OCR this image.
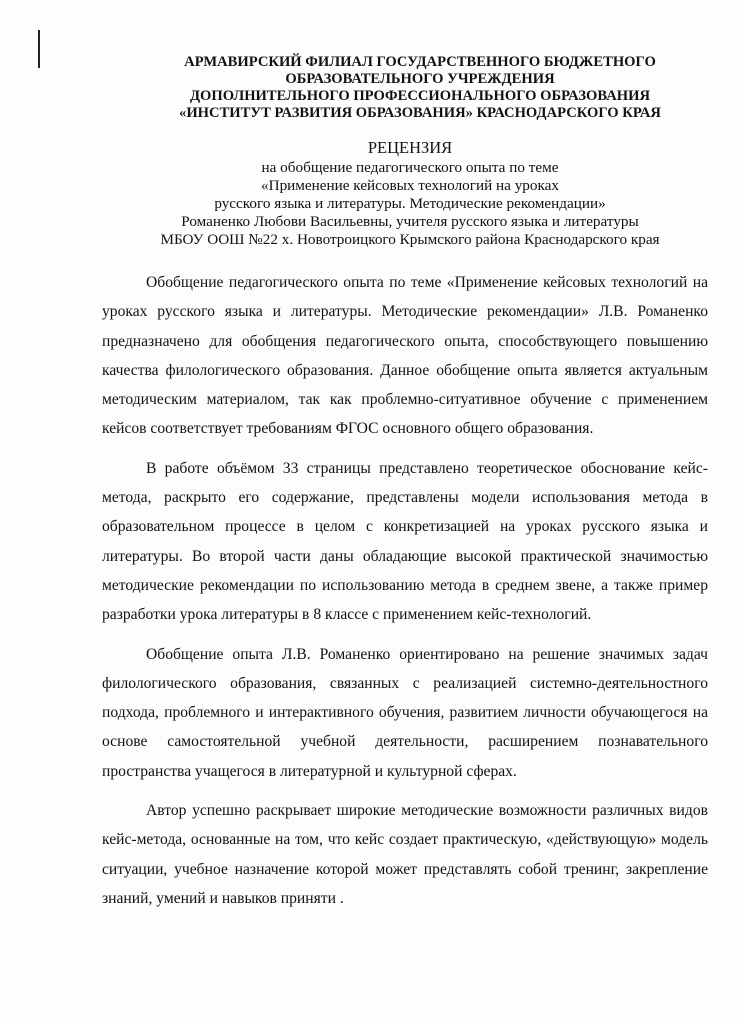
АРМАВИРСКИЙ ФИЛИАЛ ГОСУДАРСТВЕННОГО БЮДЖЕТНОГО
ОБРАЗОВАТЕЛЬНОГО УЧРЕЖДЕНИЯ
ДОПОЛНИТЕЛЬНОГО ПРОФЕССИОНАЛЬНОГО ОБРАЗОВАНИЯ
«ИНСТИТУТ РАЗВИТИЯ ОБРАЗОВАНИЯ» КРАСНОДАРСКОГО КРАЯ
РЕЦЕНЗИЯ
на обобщение педагогического опыта по теме
«Применение кейсовых технологий на уроках
русского языка и литературы. Методические рекомендации»
Романенко Любови Васильевны, учителя русского языка и литературы
МБОУ ООШ №22 х. Новотроицкого Крымского района Краснодарского края

Обобщение педагогического опыта по теме «Применение кейсовых технологий на уроках русского языка и литературы. Методические рекомендации» Л.В. Романенко предназначено для обобщения педагогического опыта, способствующего повышению качества филологического образования. Данное обобщение опыта является актуальным методическим материалом, так как проблемно-ситуативное обучение с применением кейсов соответствует требованиям ФГОС основного общего образования.

В работе объёмом 33 страницы представлено теоретическое обоснование кейс-метода, раскрыто его содержание, представлены модели использования метода в образовательном процессе в целом с конкретизацией на уроках русского языка и литературы. Во второй части даны обладающие высокой практической значимостью методические рекомендации по использованию метода в среднем звене, а также пример разработки урока литературы в 8 классе с применением кейс-технологий.

Обобщение опыта Л.В. Романенко ориентировано на решение значимых задач филологического образования, связанных с реализацией системно-деятельностного подхода, проблемного и интерактивного обучения, развитием личности обучающегося на основе самостоятельной учебной деятельности, расширением познавательного пространства учащегося в литературной и культурной сферах.

Автор успешно раскрывает широкие методические возможности различных видов кейс-метода, основанные на том, что кейс создает практическую, «действующую» модель ситуации, учебное назначение которой может представлять собой тренинг, закрепление знаний, умений и навыков приняти .
